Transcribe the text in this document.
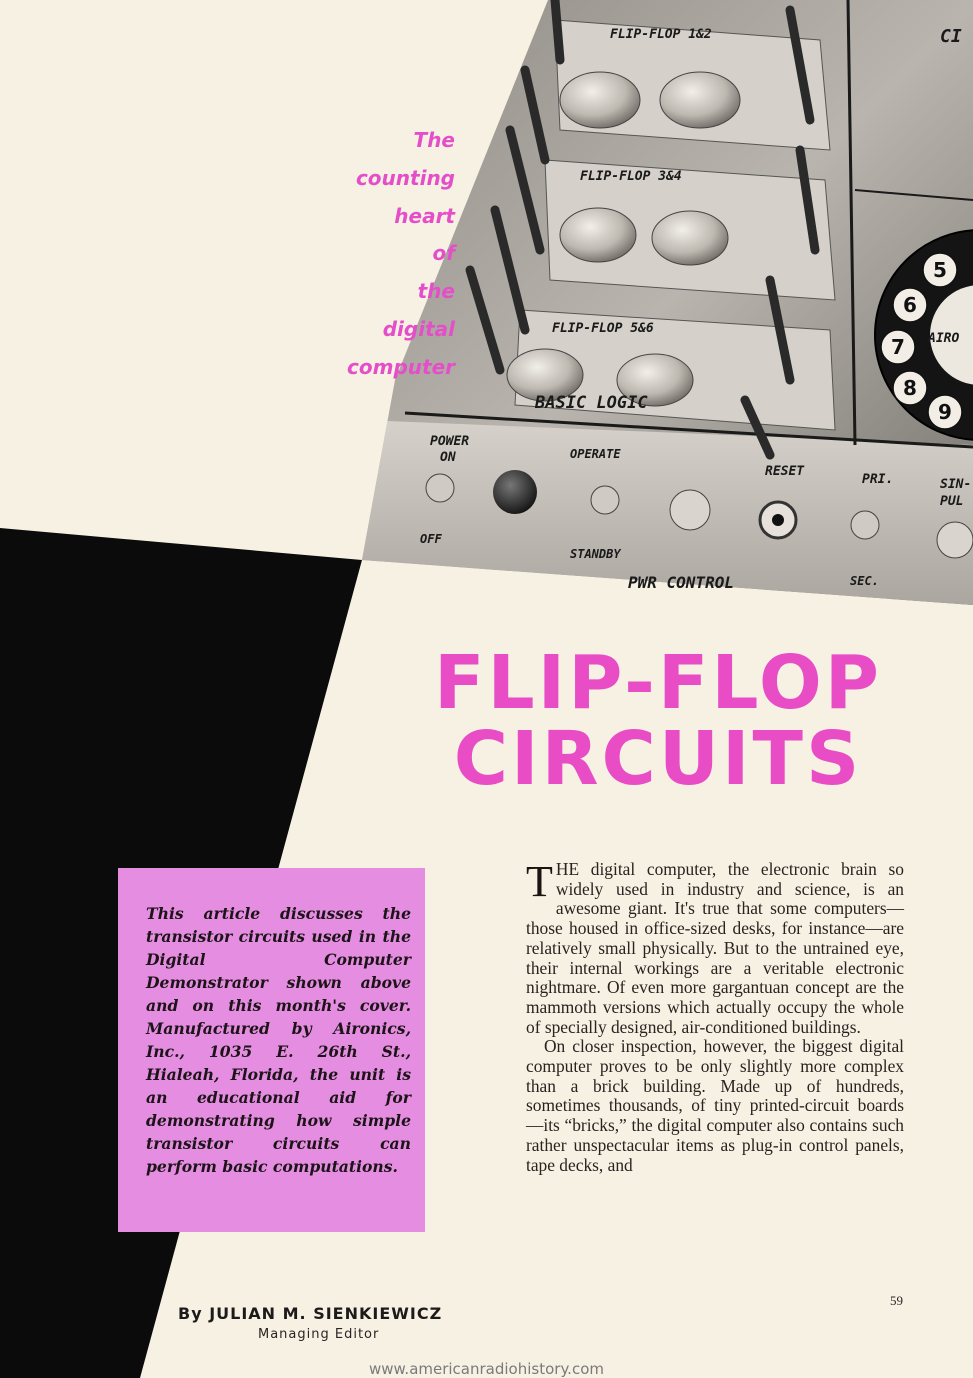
FLIP-FLOP 1&2
FLIP-FLOP 3&4
FLIP-FLOP 5&6
BASIC LOGIC
POWER
ON
OFF
OPERATE
STANDBY
RESET
PRI.
SEC.
PWR CONTROL
SIN-
PUL
CI
AIRO
5
6
7
8
9
The
counting
heart
of
the
digital
computer
FLIP-FLOP
CIRCUITS

This article discusses the transistor circuits used in the Digital Computer Demonstrator shown above and on this month's cover. Manufactured by Aironics, Inc., 1035 E. 26th St., Hialeah, Florida, the unit is an educational aid for demonstrating how simple transistor circuits can perform basic computations.

THE digital computer, the electronic brain so widely used in industry and science, is an awesome giant. It's true that some computers—those housed in office-sized desks, for instance—are relatively small physically. But to the untrained eye, their internal workings are a veritable electronic nightmare. Of even more gargantuan concept are the mammoth versions which actually occupy the whole of specially designed, air-conditioned buildings.

On closer inspection, however, the biggest digital computer proves to be only slightly more complex than a brick building. Made up of hundreds, sometimes thousands, of tiny printed-circuit boards —its “bricks,” the digital computer also contains such rather unspectacular items as plug-in control panels, tape decks, and

By JULIAN M. SIENKIEWICZ
Managing Editor
59
www.americanradiohistory.com
